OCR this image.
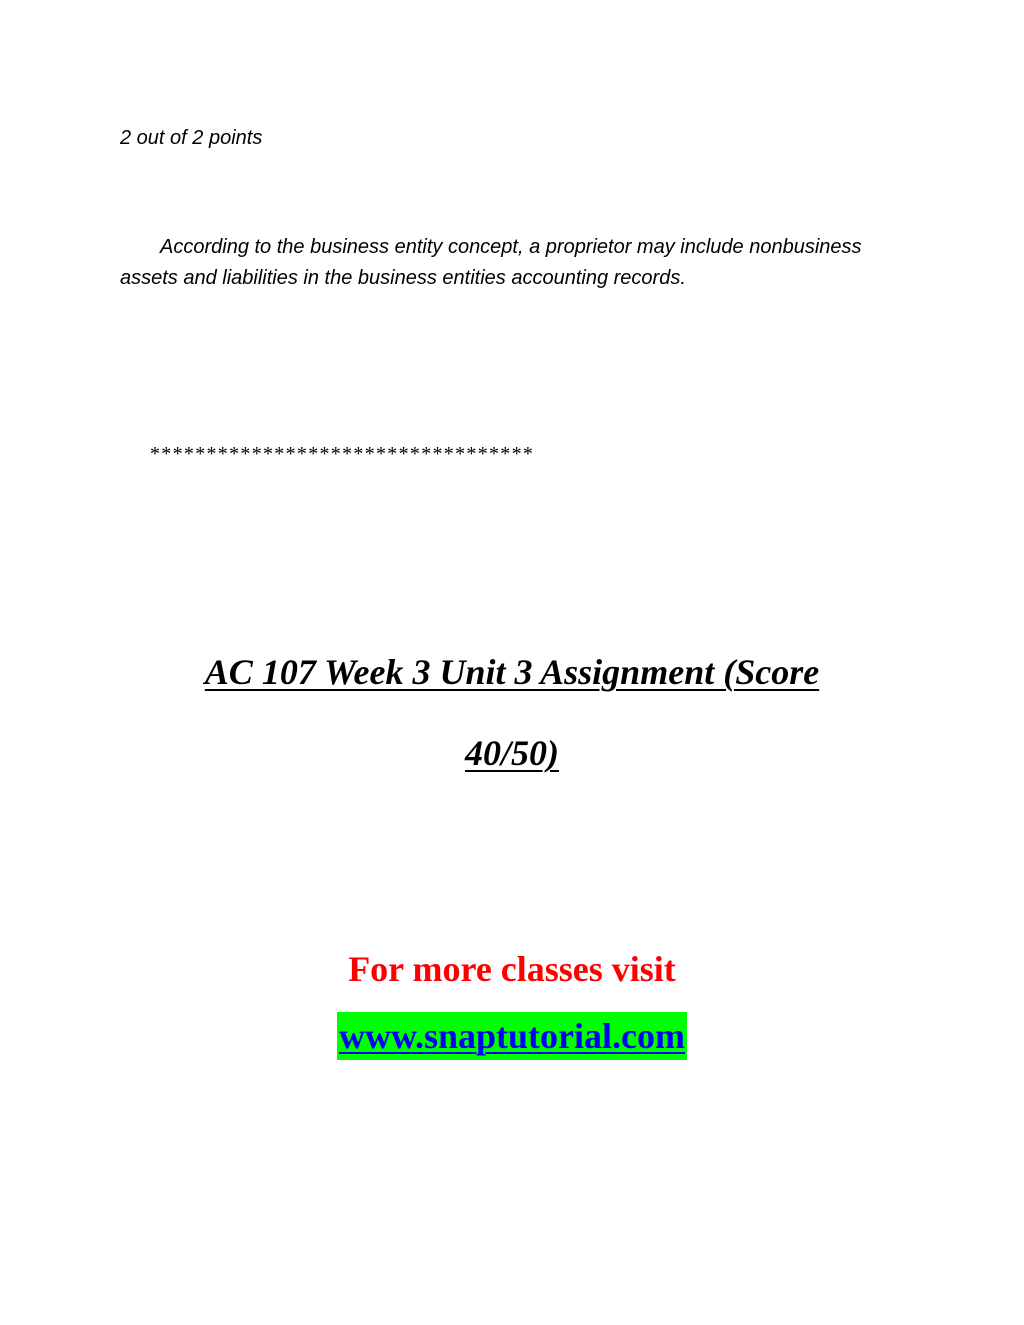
2 out of 2 points

According to the business entity concept, a proprietor may include nonbusiness assets and liabilities in the business entities accounting records.

**********************************
AC 107 Week 3 Unit 3 Assignment (Score
40/50)
For more classes visit
www.snaptutorial.com
